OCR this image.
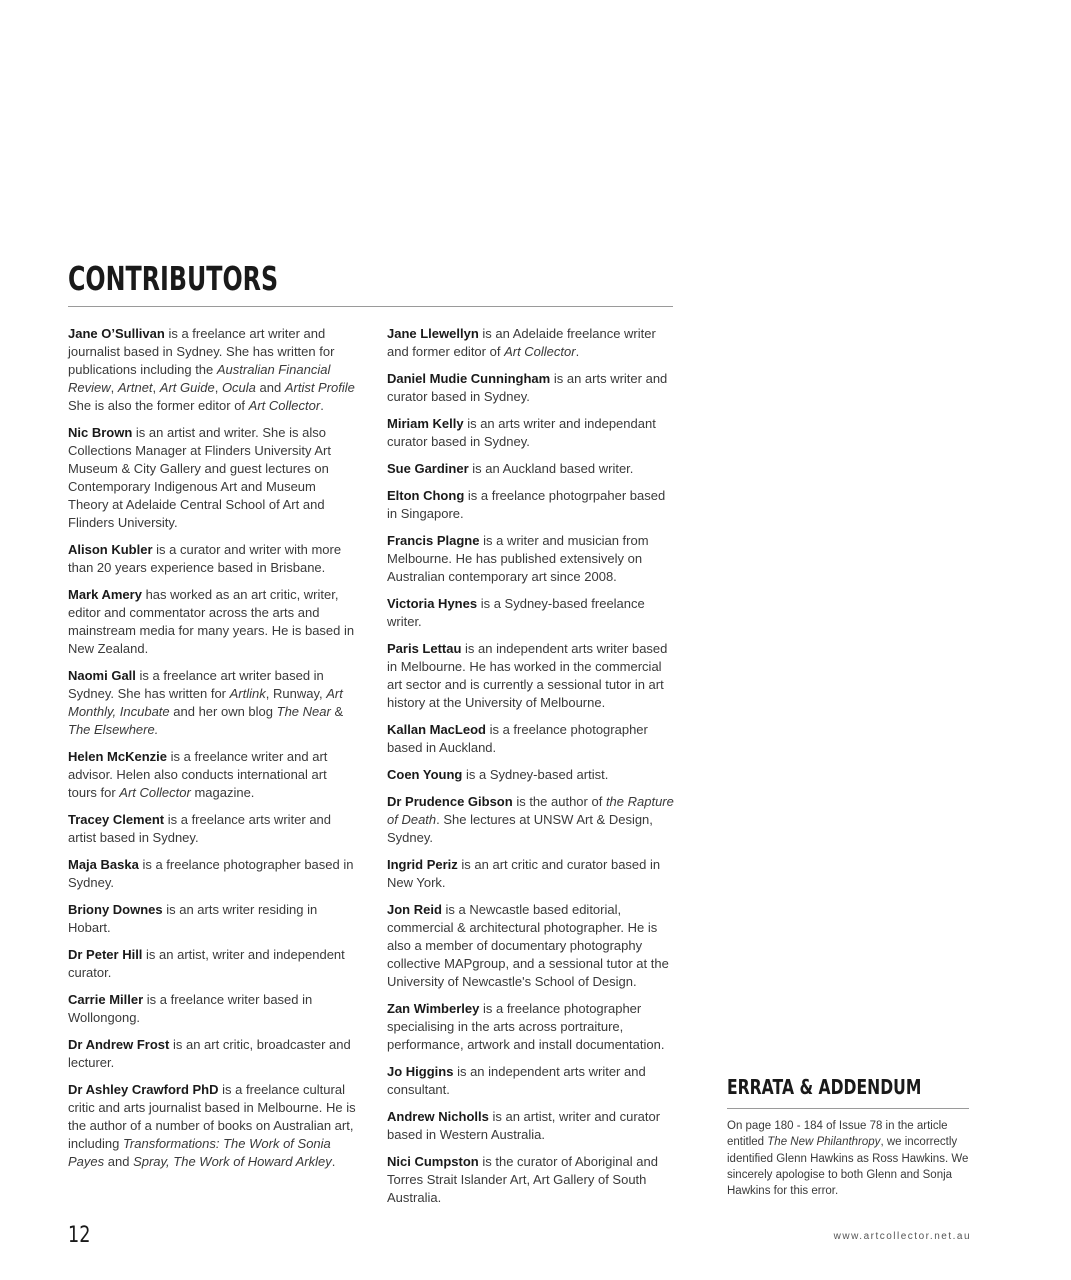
CONTRIBUTORS

Jane O’Sullivan is a freelance art writer and journalist based in Sydney. She has written for publications including the Australian Financial Review, Artnet, Art Guide, Ocula and Artist Profile She is also the former editor of Art Collector.

Nic Brown is an artist and writer. She is also Collections Manager at Flinders University Art Museum & City Gallery and guest lectures on Contemporary Indigenous Art and Museum Theory at Adelaide Central School of Art and Flinders University.

Alison Kubler is a curator and writer with more than 20 years experience based in Brisbane.

Mark Amery has worked as an art critic, writer, editor and commentator across the arts and mainstream media for many years. He is based in New Zealand.

Naomi Gall is a freelance art writer based in Sydney. She has written for Artlink, Runway, Art Monthly, Incubate and her own blog The Near & The Elsewhere.

Helen McKenzie is a freelance writer and art advisor. Helen also conducts international art tours for Art Collector magazine.

Tracey Clement is a freelance arts writer and artist based in Sydney.

Maja Baska is a freelance photographer based in Sydney.

Briony Downes is an arts writer residing in Hobart.

Dr Peter Hill is an artist, writer and independent curator.

Carrie Miller is a freelance writer based in Wollongong.

Dr Andrew Frost is an art critic, broadcaster and lecturer.

Dr Ashley Crawford PhD is a freelance cultural critic and arts journalist based in Melbourne. He is the author of a number of books on Australian art, including Transformations: The Work of Sonia Payes and Spray, The Work of Howard Arkley.

Jane Llewellyn is an Adelaide freelance writer and former editor of Art Collector.

Daniel Mudie Cunningham is an arts writer and curator based in Sydney.

Miriam Kelly is an arts writer and independant curator based in Sydney.

Sue Gardiner is an Auckland based writer.

Elton Chong is a freelance photogrpaher based in Singapore.

Francis Plagne is a writer and musician from Melbourne. He has published extensively on Australian contemporary art since 2008.

Victoria Hynes is a Sydney-based freelance writer.

Paris Lettau is an independent arts writer based in Melbourne. He has worked in the commercial art sector and is currently a sessional tutor in art history at the University of Melbourne.

Kallan MacLeod is a freelance photographer based in Auckland.

Coen Young is a Sydney-based artist.

Dr Prudence Gibson is the author of the Rapture of Death. She lectures at UNSW Art & Design, Sydney.

Ingrid Periz is an art critic and curator based in New York.

Jon Reid is a Newcastle based editorial, commercial & architectural photographer. He is also a member of documentary photography collective MAPgroup, and a sessional tutor at the University of Newcastle's School of Design.

Zan Wimberley is a freelance photographer specialising in the arts across portraiture, performance, artwork and install documentation.

Jo Higgins is an independent arts writer and consultant.

Andrew Nicholls is an artist, writer and curator based in Western Australia.

Nici Cumpston is the curator of Aboriginal and Torres Strait Islander Art, Art Gallery of South Australia.

ERRATA & ADDENDUM

On page 180 - 184 of Issue 78 in the article entitled The New Philanthropy, we incorrectly identified Glenn Hawkins as Ross Hawkins. We sincerely apologise to both Glenn and Sonja Hawkins for this error.

12	www.artcollector.net.au
